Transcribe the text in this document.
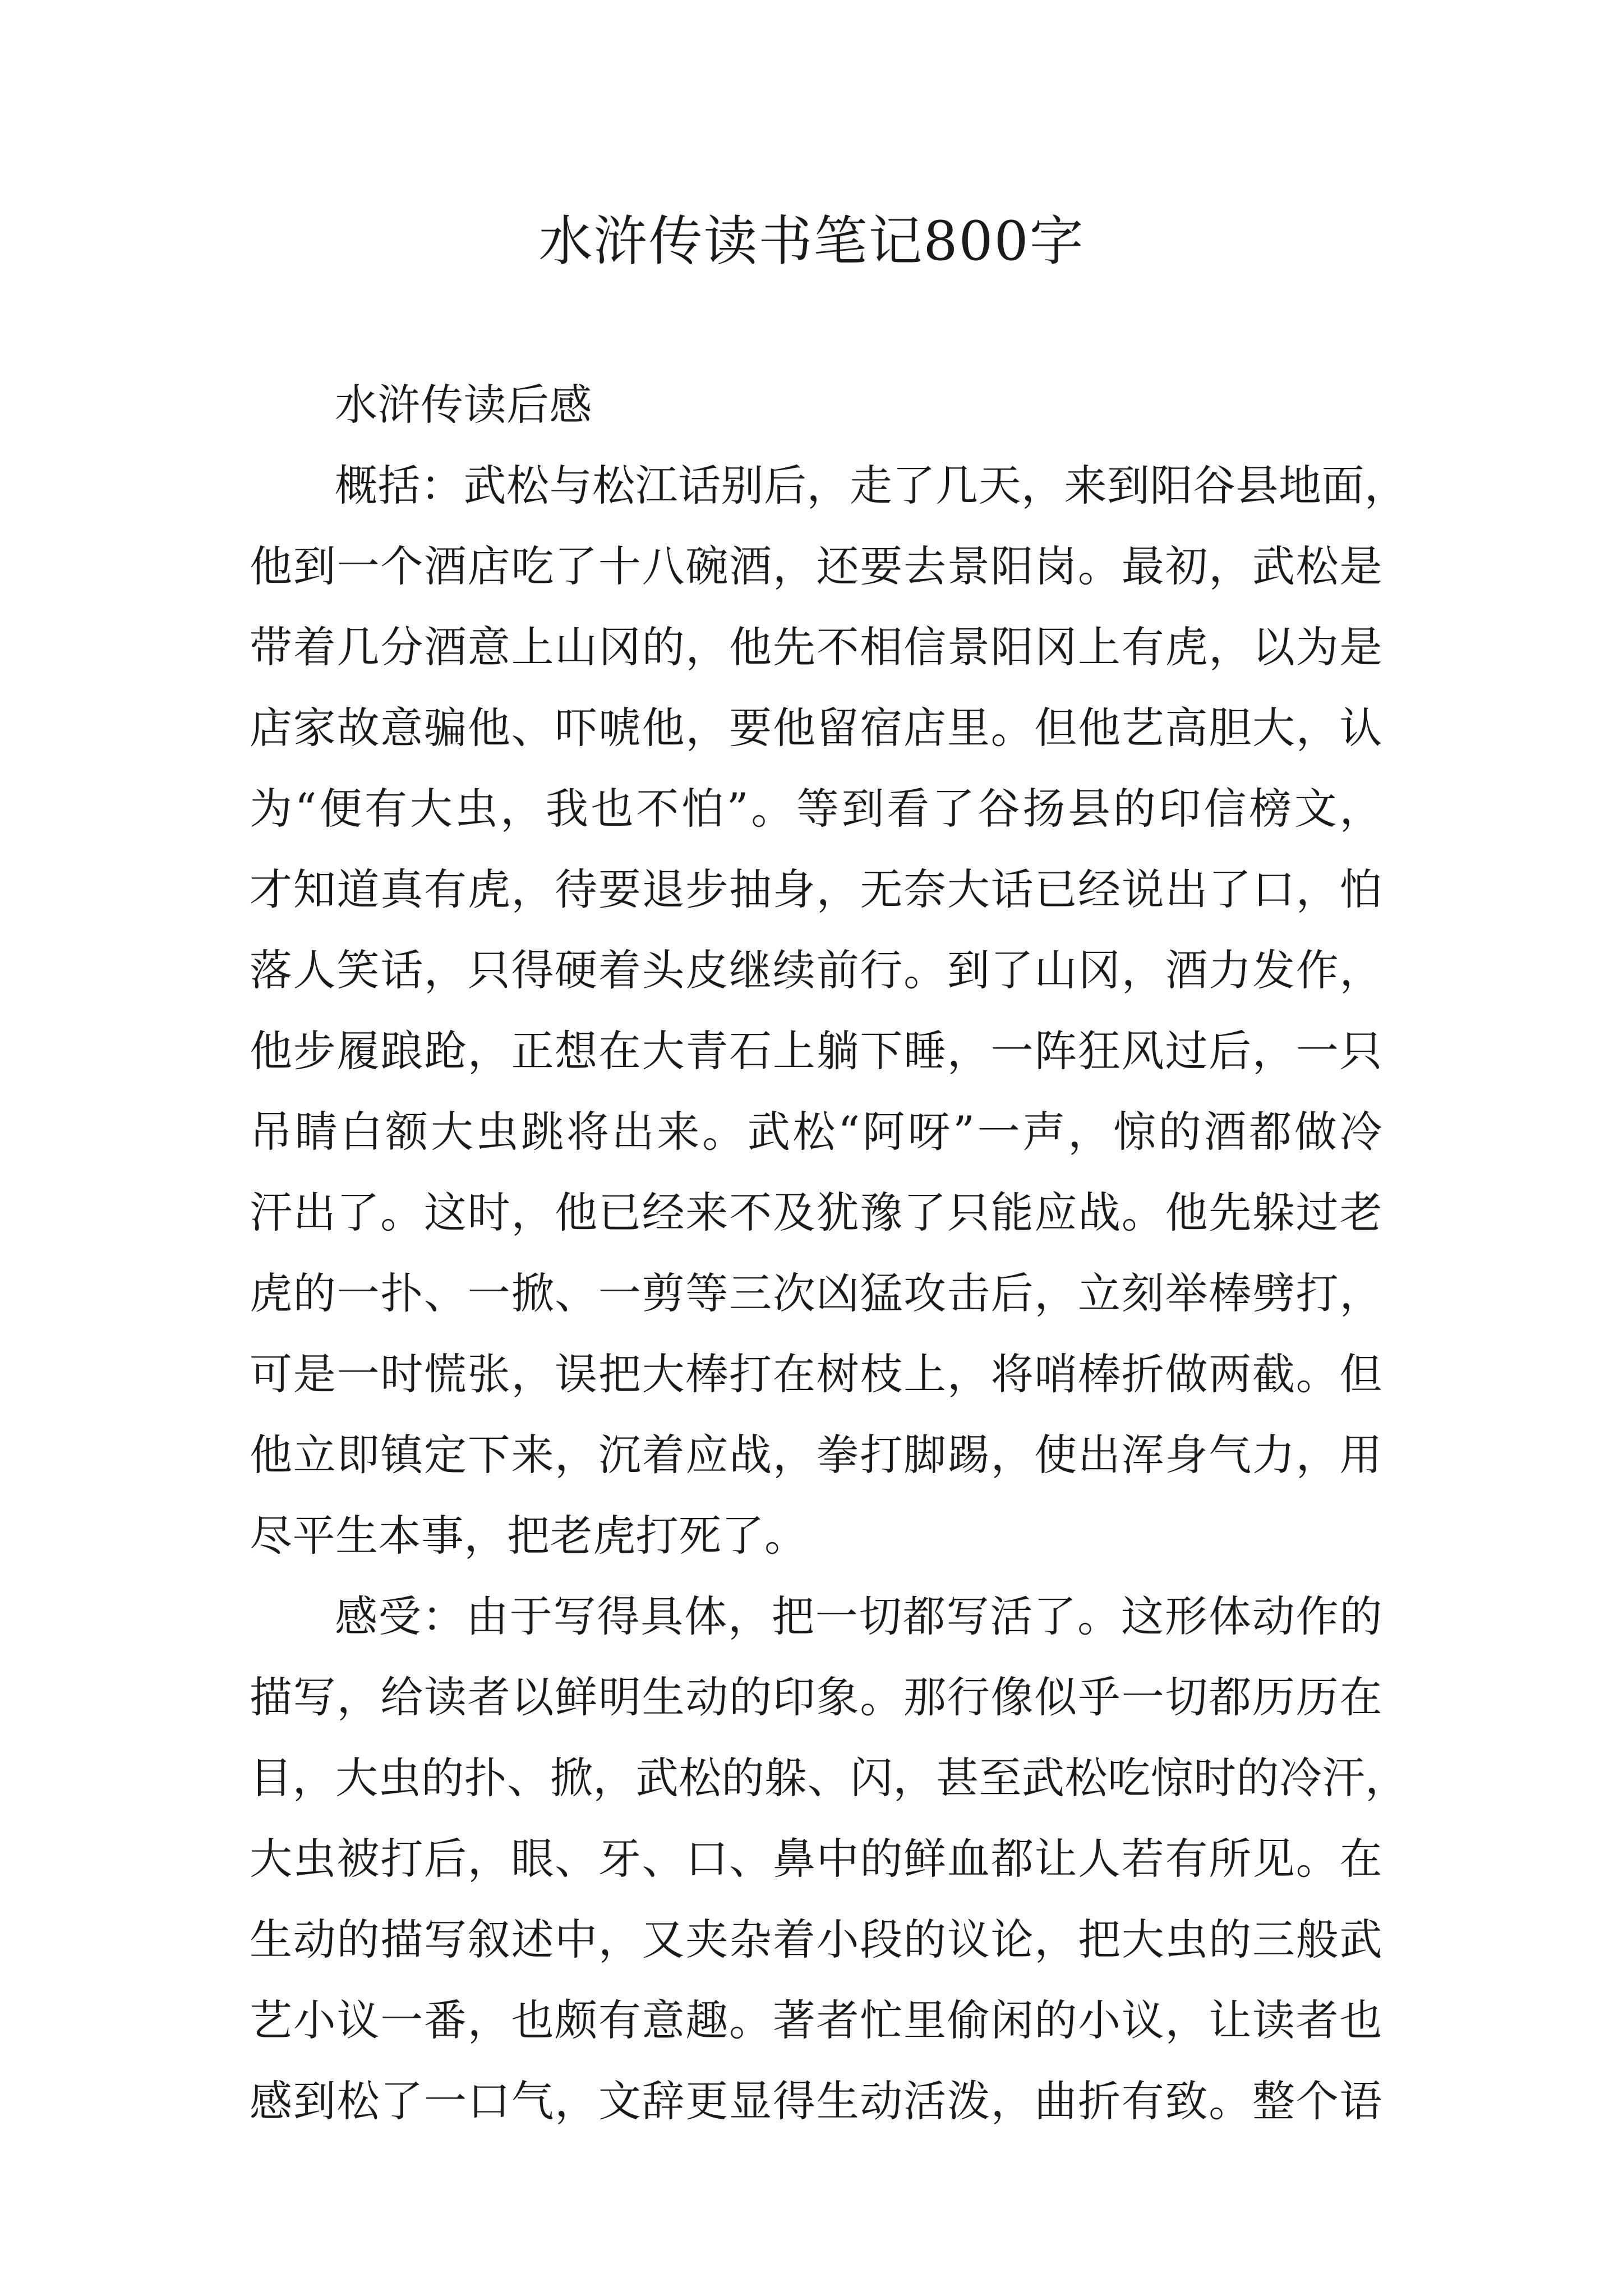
水浒传读书笔记800字
水浒传读后感
概括：武松与松江话别后，走了几天，来到阳谷县地面，
他到一个酒店吃了十八碗酒，还要去景阳岗。最初，武松是
带着几分酒意上山冈的，他先不相信景阳冈上有虎，以为是
店家故意骗他、吓唬他，要他留宿店里。但他艺高胆大，认
为“便有大虫，我也不怕”。等到看了谷扬县的印信榜文，
才知道真有虎，待要退步抽身，无奈大话已经说出了口，怕
落人笑话，只得硬着头皮继续前行。到了山冈，酒力发作，
他步履踉跄，正想在大青石上躺下睡，一阵狂风过后，一只
吊睛白额大虫跳将出来。武松“阿呀”一声，惊的酒都做冷
汗出了。这时，他已经来不及犹豫了只能应战。他先躲过老
虎的一扑、一掀、一剪等三次凶猛攻击后，立刻举棒劈打，
可是一时慌张，误把大棒打在树枝上，将哨棒折做两截。但
他立即镇定下来，沉着应战，拳打脚踢，使出浑身气力，用
尽平生本事，把老虎打死了。
感受：由于写得具体，把一切都写活了。这形体动作的
描写，给读者以鲜明生动的印象。那行像似乎一切都历历在
目，大虫的扑、掀，武松的躲、闪，甚至武松吃惊时的冷汗，
大虫被打后，眼、牙、口、鼻中的鲜血都让人若有所见。在
生动的描写叙述中，又夹杂着小段的议论，把大虫的三般武
艺小议一番，也颇有意趣。著者忙里偷闲的小议，让读者也
感到松了一口气，文辞更显得生动活泼，曲折有致。整个语
